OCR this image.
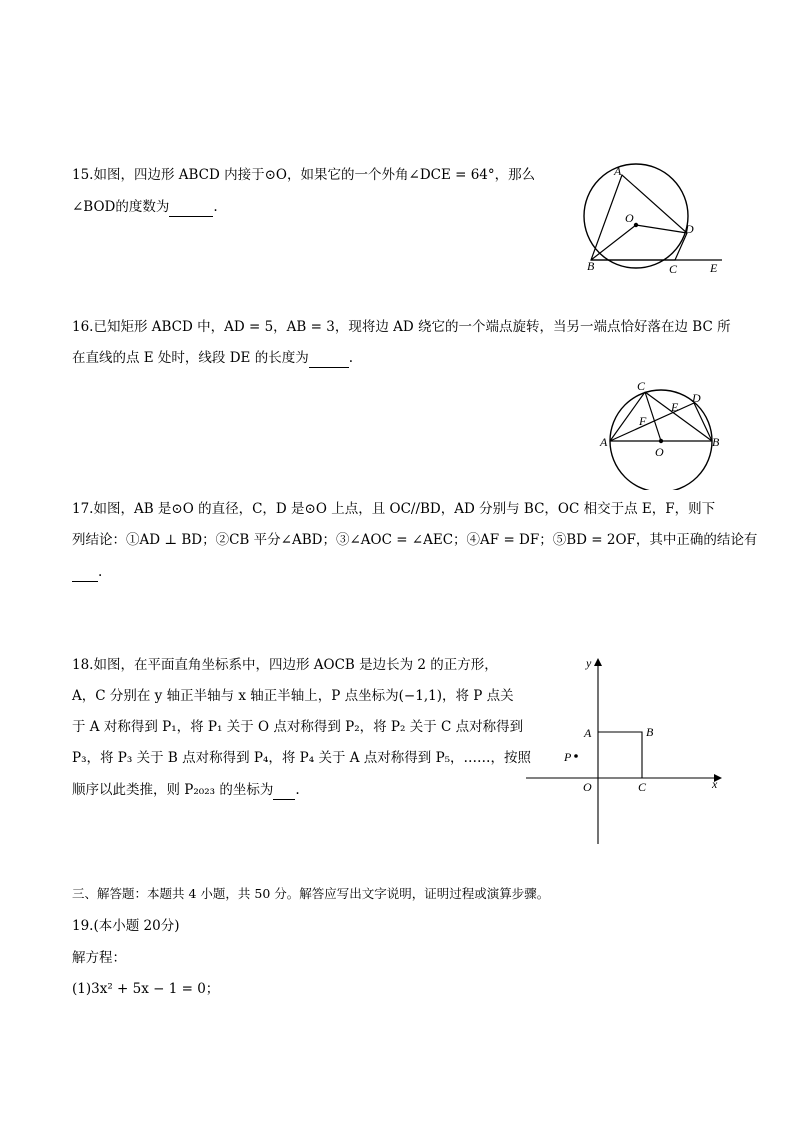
15.如图，四边形 ABCD 内接于⊙O，如果它的一个外角∠DCE = 64°，那么
∠BOD的度数为	.
A
O
D
B	C	E
16.已知矩形 ABCD 中，AD = 5，AB = 3，现将边 AD 绕它的一个端点旋转，当另一端点恰好落在边 BC 所
在直线的点 E 处时，线段 DE 的长度为	.
C
D
E
F
A
O
B
17.如图，AB 是⊙O 的直径，C，D 是⊙O 上点，且 OC//BD，AD 分别与 BC，OC 相交于点 E，F，则下
列结论：①AD ⊥ BD；②CB 平分∠ABD；③∠AOC = ∠AEC；④AF = DF；⑤BD = 2OF，其中正确的结论有
.
18.如图，在平面直角坐标系中，四边形 AOCB 是边长为 2 的正方形，
A，C 分别在 y 轴正半轴与 x 轴正半轴上，P 点坐标为(−1,1)，将 P 点关
于 A 对称得到 P₁，将 P₁ 关于 O 点对称得到 P₂，将 P₂ 关于 C 点对称得到
P₃，将 P₃ 关于 B 点对称得到 P₄，将 P₄ 关于 A 点对称得到 P₅，……，按照
顺序以此类推，则 P₂₀₂₃ 的坐标为 .
y
x
A	B
P
O	C
三、解答题：本题共 4 小题，共 50 分。解答应写出文字说明，证明过程或演算步骤。
19.(本小题 20分)
解方程：
(1)3x² + 5x − 1 = 0；
